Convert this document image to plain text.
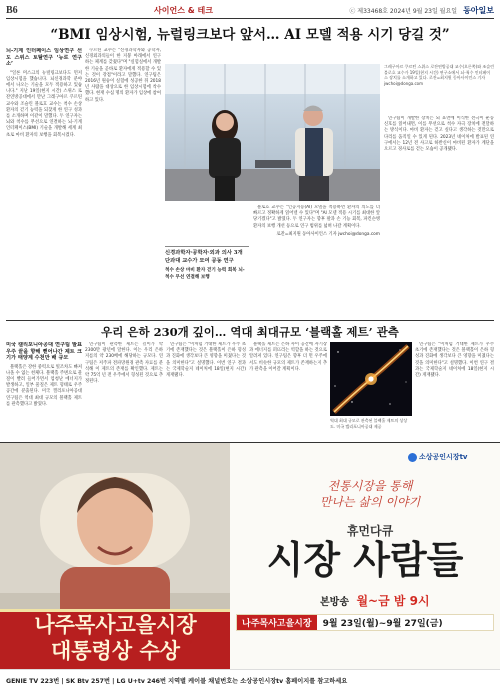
B6	사이언스 & 테크	ⓒ 제33468호 2024년 9월 23일 월요일 동아일보
“BMI 임상시험, 뉴럴링크보다 앞서… AI 모델 적용 시기 당길 것”
뇌-기계 인터페이스 임상연구 선도 스위스 토탈연구 ‘뉴로 연구소’

"일론 머스크의 뉴럴링크보다도 먼저 임상시험을 했습니다. 뇌신경과학 분야에서 나오는 기술을 모두 적용하고 있습니다." 지난 19일(현지 시간) 스위스 로잔연방공대에서 만난 그레구아르 쿠르틴 교수와 조슬린 블로흐 교수는 척수 손상 환자의 걷기 능력을 되찾게 한 연구 성과를 소개하며 이같이 말했다. 두 연구자는 뇌와 척수를 무선으로 연결하는 뇌-기계 인터페이스(BMI) 기술을 개발해 세계 최초로 마비 환자의 보행을 회복시켰다.

쿠르틴 교수는 "신경과학자와 공학자, 신경외과의들이 한 지붕 아래에서 연구하는 체계를 갖췄다"며 "실험실에서 개발한 기술을 곧바로 환자에게 적용할 수 있는 것이 강점"이라고 말했다. 연구팀은 2016년 원숭이 실험에 성공한 뒤 2018년 사람을 대상으로 한 임상시험에 착수했다. 현재 수십 명의 환자가 임상에 참여하고 있다.

그레구아르 쿠르틴 스위스 로잔연방공대 교수(오른쪽)와 조슬린 블로흐 교수가 19일(현지 시간) 연구소에서 뇌-척수 인터페이스 장치를 소개하고 있다. 로잔=최지원 동아사이언스 기자 jwchoi@donga.com

연구팀이 개발한 장치는 뇌 표면에 이식한 전극이 운동 신호를 읽어내면, 이를 무선으로 척수 자극 장치에 전달하는 방식이다. 마비 환자는 걷고 싶다고 생각하는 것만으로 다리를 움직일 수 있게 된다. 2023년 네이처에 발표된 연구에서는 12년 전 사고로 하반신이 마비된 환자가 계단을 오르고 경사로를 걷는 모습이 공개됐다.

신경과학자·공학자·외과 의사 3개 단과대 교수가 모여 공동 연구
척수 손상 마비 환자 걷기 능력 회복 뇌-척수 무선 연결해 보행

블로흐 교수는 "인공지능(AI) 모델을 적용하면 환자의 의도를 더 빠르고 정확하게 읽어낼 수 있다"며 "AI 모델 적용 시기를 최대한 앞당기겠다"고 밝혔다. 두 연구자는 향후 팔과 손 기능 회복, 파킨슨병 환자의 보행 개선 등으로 연구 범위를 넓혀 나갈 계획이다.

로잔=최지원 동아사이언스 기자 jwchoi@donga.com

우리 은하 230개 깊이… 역대 최대규모 ‘블랙홀 제트’ 관측
미국 캘리포니아공대 연구팀 발표 우주 끝을 향해 뻗어나간 제트 크기가 태양계 수천만 배 규모

블랙홀은 강한 중력으로 빛조차도 빠져나올 수 없는 천체다. 블랙홀 주변으로 물질이 빨려 들어가면서 엄청난 에너지가 발생하고, 일부 물질은 제트 형태로 우주 공간에 분출된다. 미국 캘리포니아공대 연구팀은 역대 최대 규모의 블랙홀 제트를 관측했다고 밝혔다.

연구팀이 관측한 제트는 길이가 약 2300만 광년에 달한다. 이는 우리 은하 지름의 약 230배에 해당하는 규모다. 연구팀은 저주파 전파망원경 관측 자료를 분석해 이 제트의 존재를 확인했다. 제트는 약 75억 년 전 우주에서 형성된 것으로 추정된다.

연구팀은 "이처럼 거대한 제트가 우주 초기에 존재했다는 것은 블랙홀이 은하 형성과 진화에 생각보다 큰 영향을 미쳤다는 것을 의미한다"고 설명했다. 이번 연구 결과는 국제학술지 네이처에 18일(현지 시간) 게재됐다.

블랙홀 제트는 은하 사이 공간에 자기장과 에너지를 퍼뜨리는 역할을 하는 것으로 알려져 있다. 연구팀은 향후 더 먼 우주에서도 비슷한 규모의 제트가 존재하는지 추가 관측을 이어갈 계획이다.

역대 최대 규모로 관측된 블랙홀 제트의 상상도. 미국 캘리포니아공대 제공

연구팀은 "이처럼 거대한 제트가 우주 초기에 존재했다는 것은 블랙홀이 은하 형성과 진화에 생각보다 큰 영향을 미쳤다는 것을 의미한다"고 설명했다. 이번 연구 결과는 국제학술지 네이처에 18일(현지 시간) 게재됐다.

나주목사고을시장
대통령상 수상
소상공인시장tv
전통시장을 통해
만나는 삶의 이야기
휴먼다큐
시장 사람들
본방송 월~금 밤 9시
나주목사고을시장	9월 23일(월)~9월 27일(금)
GENIE TV 223번 | SK Btv 257번 | LG U+tv 246번 지역별 케이블 채널번호는 소상공인시장tv 홈페이지를 참고하세요
